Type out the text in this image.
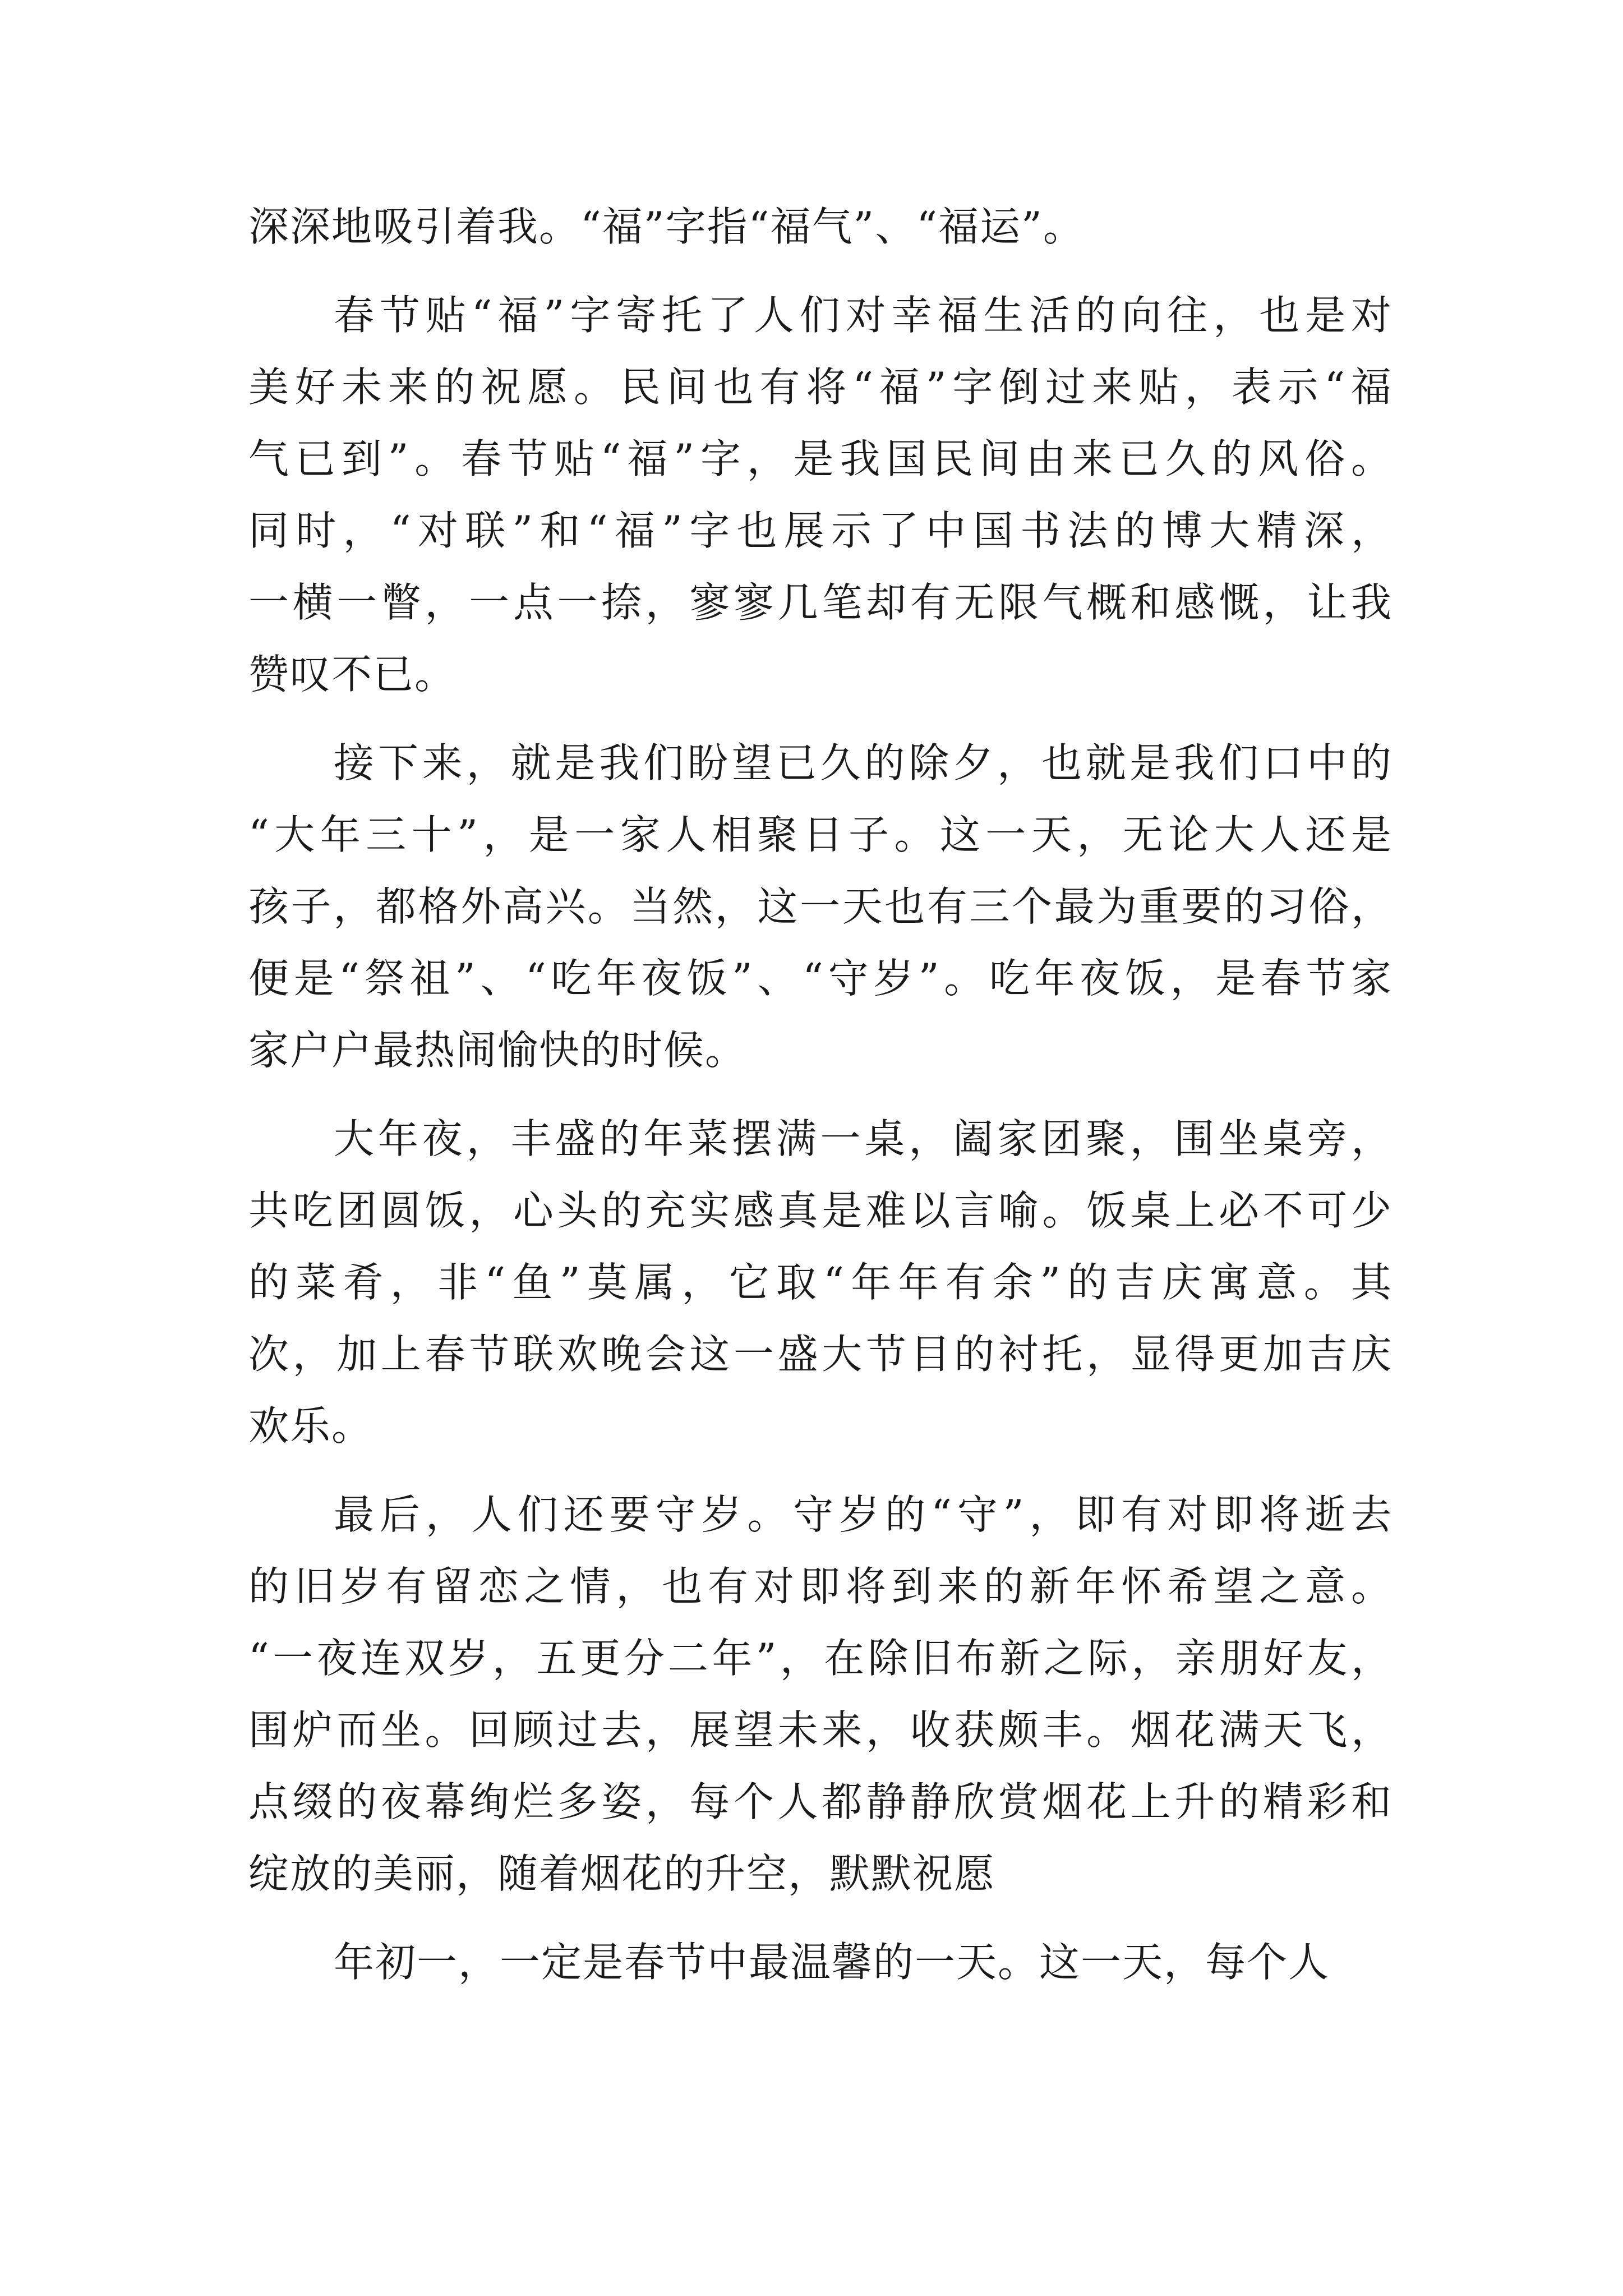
深深地吸引着我。“福”字指“福气”、“福运”。
春节贴“福”字寄托了人们对幸福生活的向往，也是对
美好未来的祝愿。民间也有将“福”字倒过来贴，表示“福
气已到”。春节贴“福”字，是我国民间由来已久的风俗。
同时，“对联”和“福”字也展示了中国书法的博大精深，
一横一瞥，一点一捺，寥寥几笔却有无限气概和感慨，让我
赞叹不已。
接下来，就是我们盼望已久的除夕，也就是我们口中的
“大年三十”，是一家人相聚日子。这一天，无论大人还是
孩子，都格外高兴。当然，这一天也有三个最为重要的习俗，
便是“祭祖”、“吃年夜饭”、“守岁”。吃年夜饭，是春节家
家户户最热闹愉快的时候。
大年夜，丰盛的年菜摆满一桌，阖家团聚，围坐桌旁，
共吃团圆饭，心头的充实感真是难以言喻。饭桌上必不可少
的菜肴，非“鱼”莫属，它取“年年有余”的吉庆寓意。其
次，加上春节联欢晚会这一盛大节目的衬托，显得更加吉庆
欢乐。
最后，人们还要守岁。守岁的“守”，即有对即将逝去
的旧岁有留恋之情，也有对即将到来的新年怀希望之意。
“一夜连双岁，五更分二年”，在除旧布新之际，亲朋好友，
围炉而坐。回顾过去，展望未来，收获颇丰。烟花满天飞，
点缀的夜幕绚烂多姿，每个人都静静欣赏烟花上升的精彩和
绽放的美丽，随着烟花的升空，默默祝愿
年初一，一定是春节中最温馨的一天。这一天，每个人
